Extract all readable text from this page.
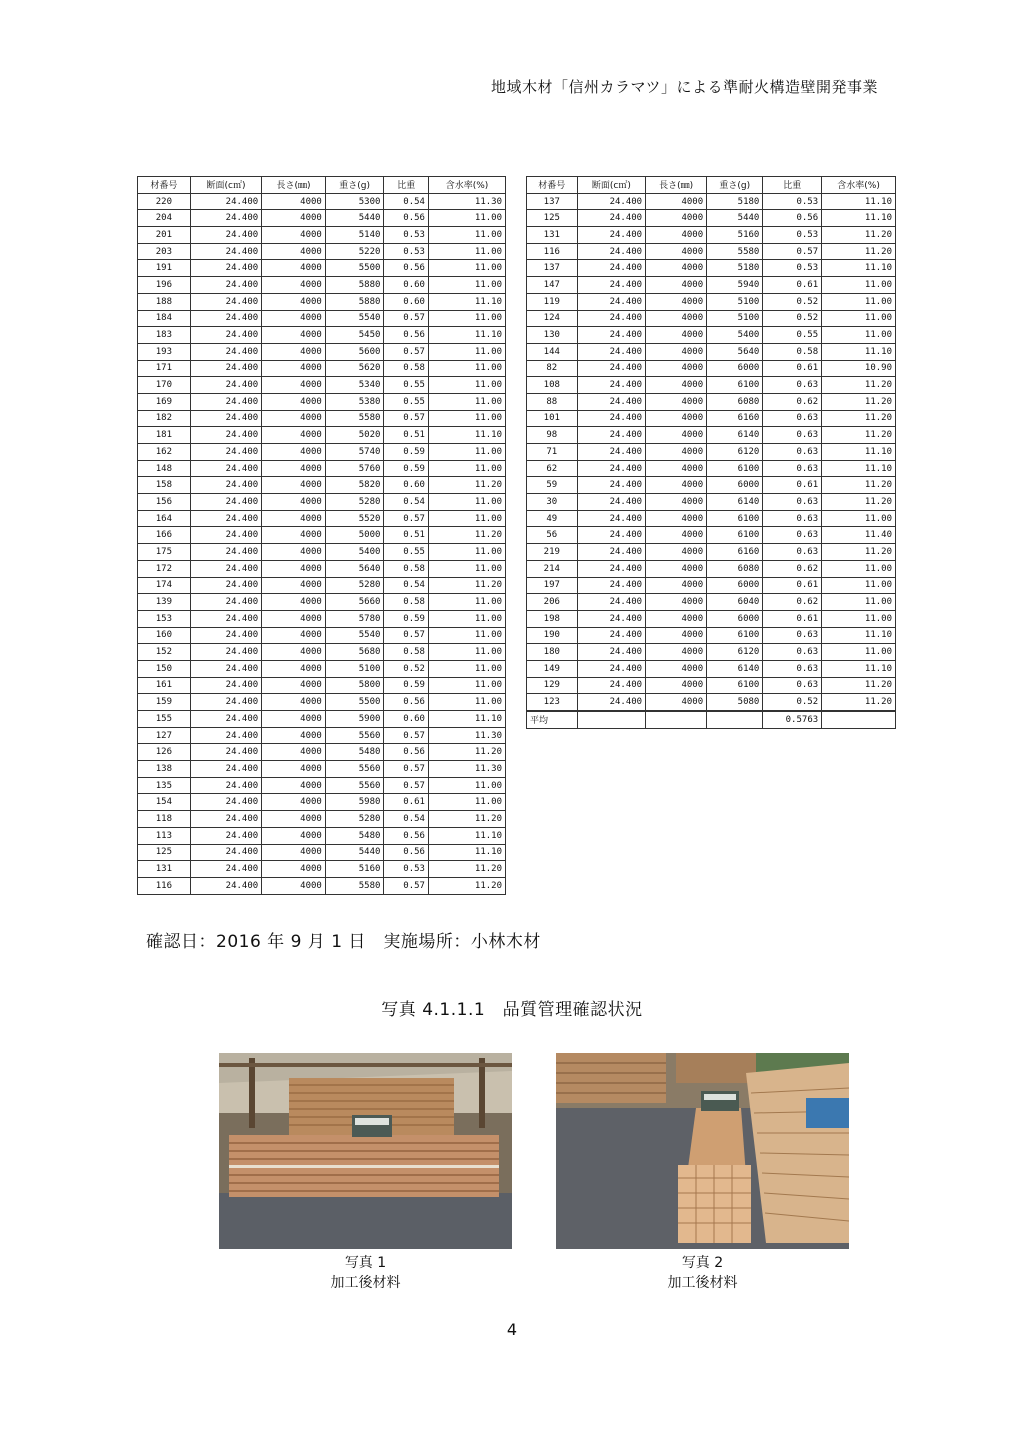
地域木材「信州カラマツ」による準耐火構造壁開発事業
材番号	断面(c㎡)	長さ(㎜)	重さ(g)	比重	含水率(%)
220	24.400	4000	5300	0.54	11.30
204	24.400	4000	5440	0.56	11.00
201	24.400	4000	5140	0.53	11.00
203	24.400	4000	5220	0.53	11.00
191	24.400	4000	5500	0.56	11.00
196	24.400	4000	5880	0.60	11.00
188	24.400	4000	5880	0.60	11.10
184	24.400	4000	5540	0.57	11.00
183	24.400	4000	5450	0.56	11.10
193	24.400	4000	5600	0.57	11.00
171	24.400	4000	5620	0.58	11.00
170	24.400	4000	5340	0.55	11.00
169	24.400	4000	5380	0.55	11.00
182	24.400	4000	5580	0.57	11.00
181	24.400	4000	5020	0.51	11.10
162	24.400	4000	5740	0.59	11.00
148	24.400	4000	5760	0.59	11.00
158	24.400	4000	5820	0.60	11.20
156	24.400	4000	5280	0.54	11.00
164	24.400	4000	5520	0.57	11.00
166	24.400	4000	5000	0.51	11.20
175	24.400	4000	5400	0.55	11.00
172	24.400	4000	5640	0.58	11.00
174	24.400	4000	5280	0.54	11.20
139	24.400	4000	5660	0.58	11.00
153	24.400	4000	5780	0.59	11.00
160	24.400	4000	5540	0.57	11.00
152	24.400	4000	5680	0.58	11.00
150	24.400	4000	5100	0.52	11.00
161	24.400	4000	5800	0.59	11.00
159	24.400	4000	5500	0.56	11.00
155	24.400	4000	5900	0.60	11.10
127	24.400	4000	5560	0.57	11.30
126	24.400	4000	5480	0.56	11.20
138	24.400	4000	5560	0.57	11.30
135	24.400	4000	5560	0.57	11.00
154	24.400	4000	5980	0.61	11.00
118	24.400	4000	5280	0.54	11.20
113	24.400	4000	5480	0.56	11.10
125	24.400	4000	5440	0.56	11.10
131	24.400	4000	5160	0.53	11.20
116	24.400	4000	5580	0.57	11.20
材番号	断面(c㎡)	長さ(㎜)	重さ(g)	比重	含水率(%)
137	24.400	4000	5180	0.53	11.10
125	24.400	4000	5440	0.56	11.10
131	24.400	4000	5160	0.53	11.20
116	24.400	4000	5580	0.57	11.20
137	24.400	4000	5180	0.53	11.10
147	24.400	4000	5940	0.61	11.00
119	24.400	4000	5100	0.52	11.00
124	24.400	4000	5100	0.52	11.00
130	24.400	4000	5400	0.55	11.00
144	24.400	4000	5640	0.58	11.10
82	24.400	4000	6000	0.61	10.90
108	24.400	4000	6100	0.63	11.20
88	24.400	4000	6080	0.62	11.20
101	24.400	4000	6160	0.63	11.20
98	24.400	4000	6140	0.63	11.20
71	24.400	4000	6120	0.63	11.10
62	24.400	4000	6100	0.63	11.10
59	24.400	4000	6000	0.61	11.20
30	24.400	4000	6140	0.63	11.20
49	24.400	4000	6100	0.63	11.00
56	24.400	4000	6100	0.63	11.40
219	24.400	4000	6160	0.63	11.20
214	24.400	4000	6080	0.62	11.00
197	24.400	4000	6000	0.61	11.00
206	24.400	4000	6040	0.62	11.00
198	24.400	4000	6000	0.61	11.00
190	24.400	4000	6100	0.63	11.10
180	24.400	4000	6120	0.63	11.00
149	24.400	4000	6140	0.63	11.10
129	24.400	4000	6100	0.63	11.20
123	24.400	4000	5080	0.52	11.20
平均				0.5763	
確認日：2016 年 9 月 1 日　実施場所：小林木材
写真 4.1.1.1　品質管理確認状況
写真 1
加工後材料
写真 2
加工後材料
4
